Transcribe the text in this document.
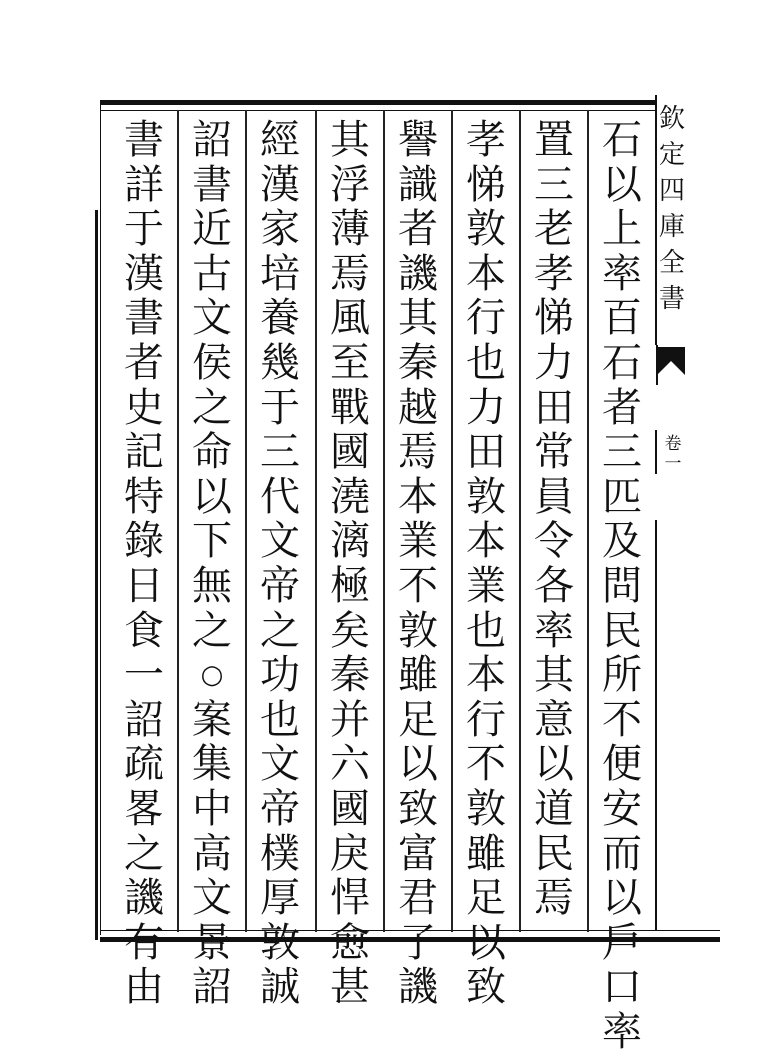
欽
定
四
庫
全
書
卷
一
石
以
上
率
百
石
者
三
匹
及
問
民
所
不
便
安
而
以
戶
口
率
置
三
老
孝
悌
力
田
常
員
令
各
率
其
意
以
道
民
焉
孝
悌
敦
本
行
也
力
田
敦
本
業
也
本
行
不
敦
雖
足
以
致
譽
識
者
譏
其
秦
越
焉
本
業
不
敦
雖
足
以
致
富
君
子
譏
其
浮
薄
焉
風
至
戰
國
澆
漓
極
矣
秦
并
六
國
戾
悍
愈
甚
經
漢
家
培
養
幾
于
三
代
文
帝
之
功
也
文
帝
樸
厚
敦
誠
詔
書
近
古
文
侯
之
命
以
下
無
之
○
案
集
中
高
文
景
詔
書
詳
于
漢
書
者
史
記
特
錄
日
食
一
詔
疏
畧
之
譏
有
由
